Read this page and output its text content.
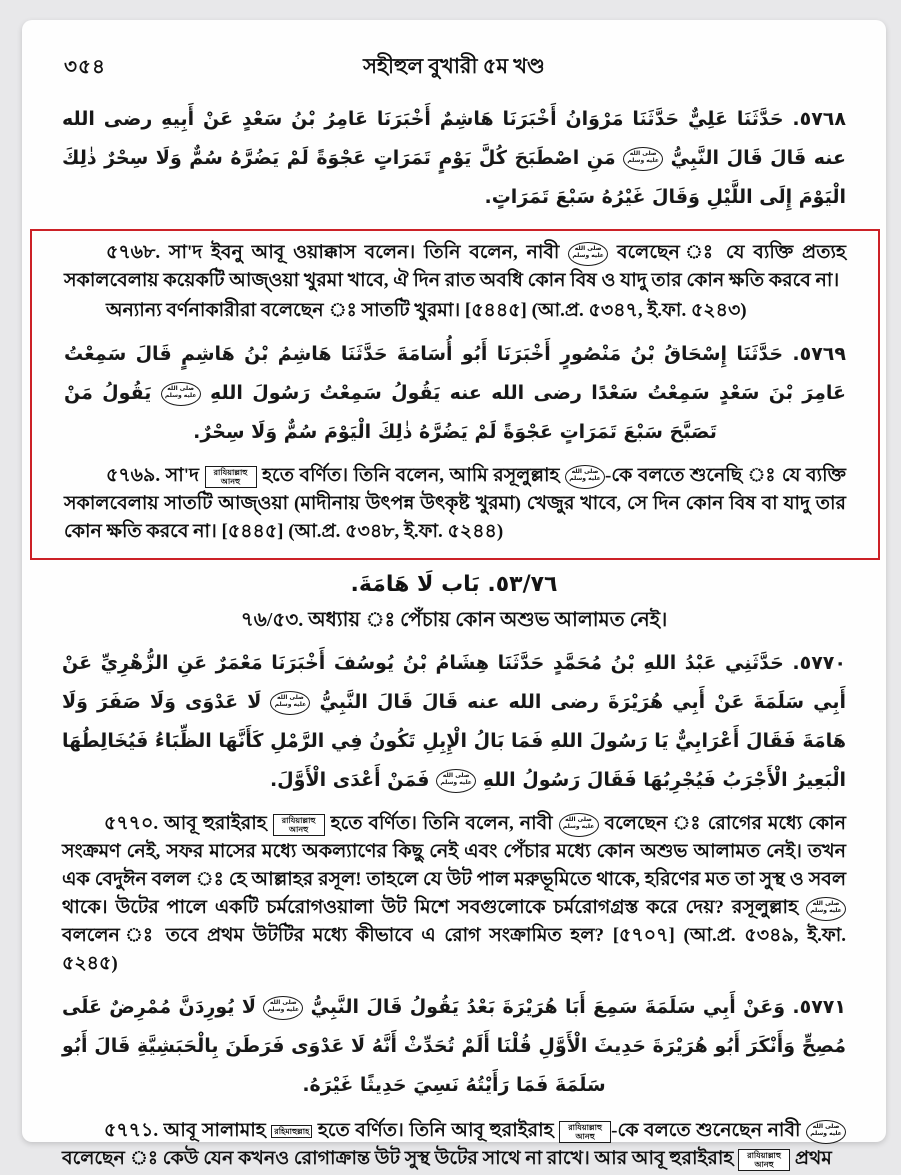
৩৫৪	সহীহুল বুখারী ৫ম খণ্ড

٥٧٦٨. حَدَّثَنَا عَلِيٌّ حَدَّثَنَا مَرْوَانُ أَخْبَرَنَا هَاشِمٌ أَخْبَرَنَا عَامِرُ بْنُ سَعْدٍ عَنْ أَبِيهِ رضى الله عنه قَالَ قَالَ النَّبِيُّ صلى الله عليه وسلم مَنِ اصْطَبَحَ كُلَّ يَوْمٍ تَمَرَاتٍ عَجْوَةً لَمْ يَضُرَّهُ سُمٌّ وَلَا سِحْرٌ ذٰلِكَ الْيَوْمَ إِلَى اللَّيْلِ وَقَالَ غَيْرُهُ سَبْعَ تَمَرَاتٍ.

৫৭৬৮. সা'দ ইবনু আবূ ওয়াক্কাস বলেন। তিনি বলেন, নাবী صلى الله عليه وسلم বলেছেন ঃ যে ব্যক্তি প্রত্যহ সকালবেলায় কয়েকটি আজ্ওয়া খুরমা খাবে, ঐ দিন রাত অবধি কোন বিষ ও যাদু তার কোন ক্ষতি করবে না।

অন্যান্য বর্ণনাকারীরা বলেছেন ঃ সাতটি খুরমা। [৫৪৪৫] (আ.প্র. ৫৩৪৭, ই.ফা. ৫২৪৩)

٥٧٦٩. حَدَّثَنَا إِسْحَاقُ بْنُ مَنْصُورٍ أَخْبَرَنَا أَبُو أُسَامَةَ حَدَّثَنَا هَاشِمُ بْنُ هَاشِمٍ قَالَ سَمِعْتُ عَامِرَ بْنَ سَعْدٍ سَمِعْتُ سَعْدًا رضى الله عنه يَقُولُ سَمِعْتُ رَسُولَ اللهِ صلى الله عليه وسلم يَقُولُ مَنْ تَصَبَّحَ سَبْعَ تَمَرَاتٍ عَجْوَةً لَمْ يَضُرَّهُ ذٰلِكَ الْيَوْمَ سُمٌّ وَلَا سِحْرٌ.

৫৭৬৯. সা'দ রাযিয়াল্লাহু আনহু হতে বর্ণিত। তিনি বলেন, আমি রসূলুল্লাহ صلى الله عليه وسلم -কে বলতে শুনেছি ঃ যে ব্যক্তি সকালবেলায় সাতটি আজ্ওয়া (মাদীনায় উৎপন্ন উৎকৃষ্ট খুরমা) খেজুর খাবে, সে দিন কোন বিষ বা যাদু তার কোন ক্ষতি করবে না। [৫৪৪৫] (আ.প্র. ৫৩৪৮, ই.ফা. ৫২৪৪)

٥٣/٧٦. بَاب لَا هَامَةَ.

৭৬/৫৩. অধ্যায় ঃ পেঁচায় কোন অশুভ আলামত নেই।

٥٧٧٠. حَدَّثَنِي عَبْدُ اللهِ بْنُ مُحَمَّدٍ حَدَّثَنَا هِشَامُ بْنُ يُوسُفَ أَخْبَرَنَا مَعْمَرٌ عَنِ الزُّهْرِيِّ عَنْ أَبِي سَلَمَةَ عَنْ أَبِي هُرَيْرَةَ رضى الله عنه قَالَ قَالَ النَّبِيُّ صلى الله عليه وسلم لَا عَدْوَى وَلَا صَفَرَ وَلَا هَامَةَ فَقَالَ أَعْرَابِيٌّ يَا رَسُولَ اللهِ فَمَا بَالُ الْإِبِلِ تَكُونُ فِي الرَّمْلِ كَأَنَّهَا الظِّبَاءُ فَيُخَالِطُهَا الْبَعِيرُ الْأَجْرَبُ فَيُجْرِبُهَا فَقَالَ رَسُولُ اللهِ صلى الله عليه وسلم فَمَنْ أَعْدَى الْأَوَّلَ.

৫৭৭০. আবূ হুরাইরাহ রাযিয়াল্লাহু আনহু হতে বর্ণিত। তিনি বলেন, নাবী صلى الله عليه وسلم বলেছেন ঃ রোগের মধ্যে কোন সংক্রমণ নেই, সফর মাসের মধ্যে অকল্যাণের কিছু নেই এবং পেঁচার মধ্যে কোন অশুভ আলামত নেই। তখন এক বেদুঈন বলল ঃ হে আল্লাহর রসূল! তাহলে যে উট পাল মরুভূমিতে থাকে, হরিণের মত তা সুস্থ ও সবল থাকে। উটের পালে একটি চর্মরোগওয়ালা উট মিশে সবগুলোকে চর্মরোগগ্রস্ত করে দেয়? রসূলুল্লাহ صلى الله عليه وسلم বললেন ঃ তবে প্রথম উটটির মধ্যে কীভাবে এ রোগ সংক্রামিত হল? [৫৭০৭] (আ.প্র. ৫৩৪৯, ই.ফা. ৫২৪৫)

٥٧٧١. وَعَنْ أَبِي سَلَمَةَ سَمِعَ أَبَا هُرَيْرَةَ بَعْدُ يَقُولُ قَالَ النَّبِيُّ صلى الله عليه وسلم لَا يُورِدَنَّ مُمْرِضٌ عَلَى مُصِحٍّ وَأَنْكَرَ أَبُو هُرَيْرَةَ حَدِيثَ الْأَوَّلِ قُلْنَا أَلَمْ تُحَدِّثْ أَنَّهُ لَا عَدْوَى فَرَطَنَ بِالْحَبَشِيَّةِ قَالَ أَبُو سَلَمَةَ فَمَا رَأَيْتُهُ نَسِيَ حَدِيثًا غَيْرَهُ.

৫৭৭১. আবূ সালামাহ রহিমাহুল্লাহ হতে বর্ণিত। তিনি আবূ হুরাইরাহ রাযিয়াল্লাহু আনহু -কে বলতে শুনেছেন নাবী صلى الله عليه وسلم বলেছেন ঃ কেউ যেন কখনও রোগাক্রান্ত উট সুস্থ উটের সাথে না রাখে। আর আবূ হুরাইরাহ রাযিয়াল্লাহু আনহু প্রথম
